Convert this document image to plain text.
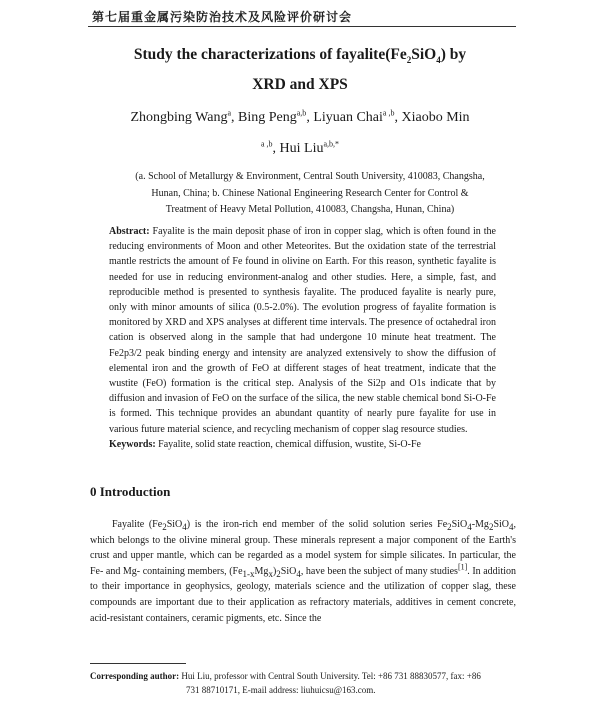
第七届重金属污染防治技术及风险评价研讨会
Study the characterizations of $fayalite(Fe_2SiO_4)$ by
XRD and XPS
Zhongbing Wang$^a$, Bing Peng$^{a,b}$, Liyuan Chai$^{a ,b}$, Xiaobo Min
$^{a ,b}$, Hui Liu$^{a,b,*}$
(a. School of Metallurgy & Environment, Central South University, 410083, Changsha,
Hunan, China; b. Chinese National Engineering Research Center for Control &
Treatment of Heavy Metal Pollution, 410083, Changsha, Hunan, China)

Abstract: Fayalite is the main deposit phase of iron in copper slag, which is often found in the reducing environments of Moon and other Meteorites. But the oxidation state of the terrestrial mantle restricts the amount of Fe found in olivine on Earth. For this reason, synthetic fayalite is needed for use in reducing environment-analog and other studies. Here, a simple, fast, and reproducible method is presented to synthesis fayalite. The produced fayalite is nearly pure, only with minor amounts of silica (0.5-2.0%). The evolution progress of fayalite formation is monitored by XRD and XPS analyses at different time intervals. The presence of octahedral iron cation is observed along in the sample that had undergone 10 minute heat treatment. The Fe2p3/2 peak binding energy and intensity are analyzed extensively to show the diffusion of elemental iron and the growth of FeO at different stages of heat treatment, indicate that the wustite (FeO) formation is the critical step. Analysis of the Si2p and O1s indicate that by diffusion and invasion of FeO on the surface of the silica, the new stable chemical bond Si-O-Fe is formed. This technique provides an abundant quantity of nearly pure fayalite for use in various future material science, and recycling mechanism of copper slag resource studies.

Keywords: Fayalite, solid state reaction, chemical diffusion, wustite, Si-O-Fe

0 Introduction

Fayalite $(Fe_2SiO_4)$ is the iron-rich end member of the solid solution series $Fe_2SiO_4-Mg_2SiO_4$, which belongs to the olivine mineral group. These minerals represent a major component of the Earth's crust and upper mantle, which can be regarded as a model system for simple silicates. In particular, the Fe- and Mg- containing members, $(Fe_{1-x}Mg_x)_2SiO_4$, have been the subject of many studies[1]. In addition to their importance in geophysics, geology, materials science and the utilization of copper slag, these compounds are important due to their application as refractory materials, additives in cement concrete, acid-resistant containers, ceramic pigments, etc. Since the

Corresponding author: Hui Liu, professor with Central South University. Tel: +86 731 88830577, fax: +86
731 88710171, E-mail address: liuhuicsu@163.com.
